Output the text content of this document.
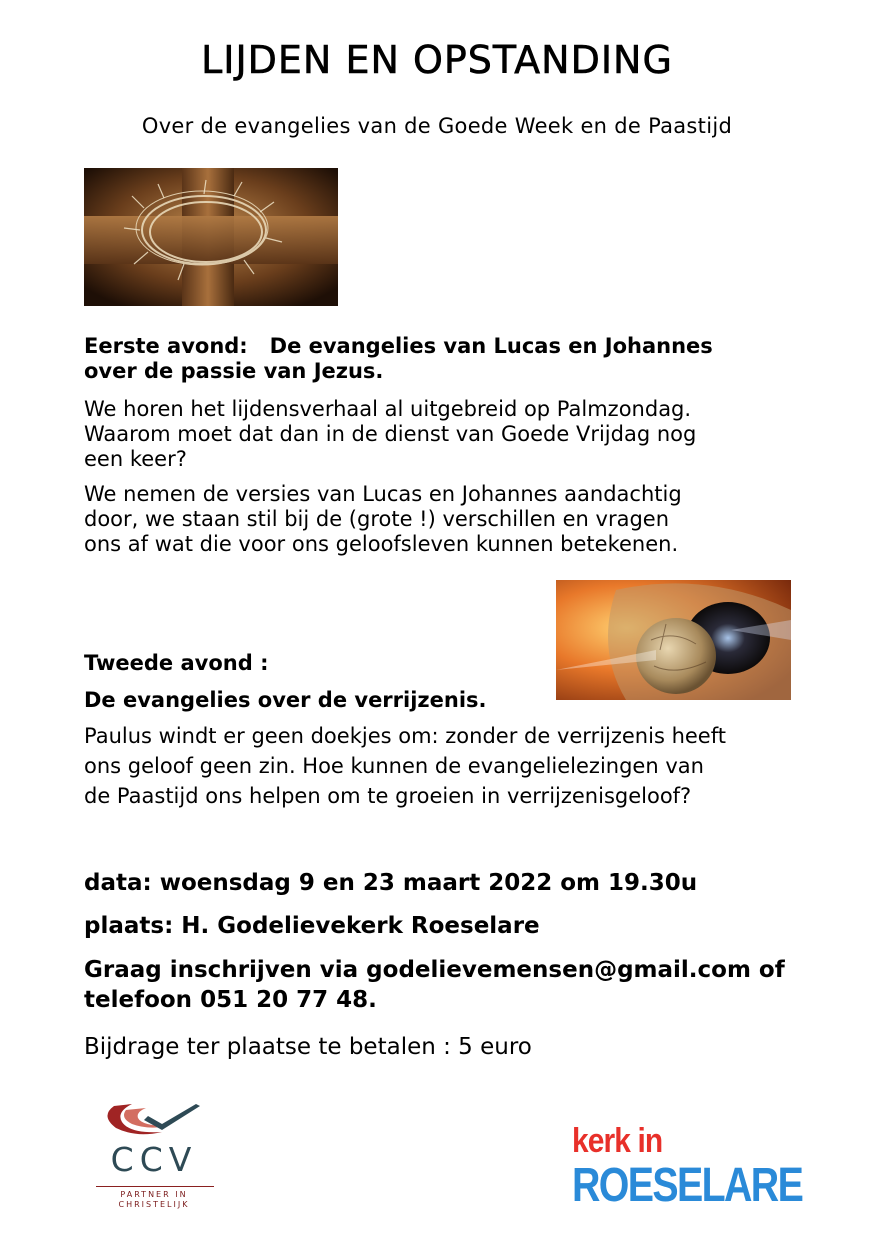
LIJDEN EN OPSTANDING
Over de evangelies van de Goede Week en de Paastijd
Eerste avond:   De evangelies van Lucas en Johannes
over de passie van Jezus.
We horen het lijdensverhaal al uitgebreid op Palmzondag.
Waarom moet dat dan in de dienst van Goede Vrijdag nog
een keer?
We nemen de versies van Lucas en Johannes aandachtig
door, we staan stil bij de (grote !) verschillen en vragen
ons af wat die voor ons geloofsleven kunnen betekenen.
Tweede avond :
De evangelies over de verrijzenis.
Paulus windt er geen doekjes om: zonder de verrijzenis heeft
ons geloof geen zin. Hoe kunnen de evangelielezingen van
de Paastijd ons helpen om te groeien in verrijzenisgeloof?
data: woensdag 9 en 23 maart 2022 om 19.30u
plaats: H. Godelievekerk Roeselare
Graag inschrijven via godelievemensen@gmail.com of
telefoon 051 20 77 48.
Bijdrage ter plaatse te betalen : 5 euro
CCV
PARTNER IN
CHRISTELIJK
kerk in
ROESELARE
